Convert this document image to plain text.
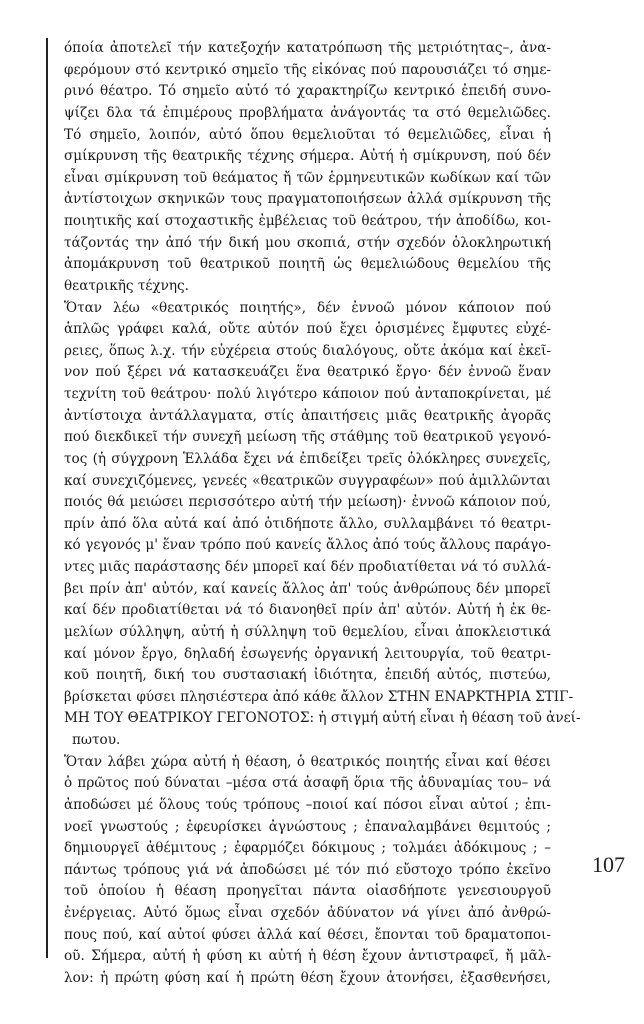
όποία ἀποτελεῖ τήν κατεξοχήν κατατρόπωση τῆς μετριότητας–, ἀνα-
φερόμουν στό κεντρικό σημεῖο τῆς εἰκόνας πού παρουσιάζει τό σημε-
ρινό θέατρο. Τό σημεῖο αὐτό τό χαρακτηρίζω κεντρικό ἐπειδή συνο-
ψίζει δλα τά ἐπιμέρους προβλήματα ἀνάγοντάς τα στό θεμελιῶδες.
Τό σημεῖο, λοιπόν, αὐτό ὅπου θεμελιοῦται τό θεμελιῶδες, εἶναι ἡ
σμίκρυνση τῆς θεατρικῆς τέχνης σήμερα. Αὐτή ἡ σμίκρυνση, πού δέν
εἶναι σμίκρυνση τοῦ θεάματος ἤ τῶν ἑρμηνευτικῶν κωδίκων καί τῶν
ἀντίστοιχων σκηνικῶν τους πραγματοποιήσεων ἀλλά σμίκρυνση τῆς
ποιητικῆς καί στοχαστικῆς ἐμβέλειας τοῦ θεάτρου, τήν ἀποδίδω, κοι-
τάζοντάς την ἀπό τήν δική μου σκοπιά, στήν σχεδόν ὁλοκληρωτική
ἀπομάκρυνση τοῦ θεατρικοῦ ποιητῆ ὡς θεμελιώδους θεμελίου τῆς
θεατρικῆς τέχνης.
Ὅταν λέω «θεατρικός ποιητής», δέν ἐννοῶ μόνον κάποιον πού
ἁπλῶς γράφει καλά, οὔτε αὐτόν πού ἔχει ὁρισμένες ἔμφυτες εὐχέ-
ρειες, ὅπως λ.χ. τήν εὐχέρεια στούς διαλόγους, οὔτε ἀκόμα καί ἐκεῖ-
νον πού ξέρει νά κατασκευάζει ἕνα θεατρικό ἔργο· δέν ἐννοῶ ἕναν
τεχνίτη τοῦ θεάτρου· πολύ λιγότερο κάποιον πού ἀνταποκρίνεται, μέ
ἀντίστοιχα ἀντάλλαγματα, στίς ἀπαιτήσεις μιᾶς θεατρικῆς ἀγορᾶς
πού διεκδικεῖ τήν συνεχῆ μείωση τῆς στάθμης τοῦ θεατρικοῦ γεγονό-
τος (ἡ σύγχρονη Ἑλλάδα ἔχει νά ἐπιδείξει τρεῖς ὁλόκληρες συνεχεῖς,
καί συνεχιζόμενες, γενεές «θεατρικῶν συγγραφέων» πού ἁμιλλῶνται
ποιός θά μειώσει περισσότερο αὐτή τήν μείωση)· ἐννοῶ κάποιον πού,
πρίν ἀπό ὅλα αὐτά καί ἀπό ὁτιδήποτε ἄλλο, συλλαμβάνει τό θεατρι-
κό γεγονός μ' ἕναν τρόπο πού κανείς ἄλλος ἀπό τούς ἄλλους παράγο-
ντες μιᾶς παράστασης δέν μπορεῖ καί δέν προδιατίθεται νά τό συλλά-
βει πρίν ἀπ' αὐτόν, καί κανείς ἄλλος ἀπ' τούς ἀνθρώπους δέν μπορεῖ
καί δέν προδιατίθεται νά τό διανοηθεῖ πρίν ἀπ' αὐτόν. Αὐτή ἡ ἐκ θε-
μελίων σύλληψη, αὐτή ἡ σύλληψη τοῦ θεμελίου, εἶναι ἀποκλειστικά
καί μόνον ἔργο, δηλαδή ἐσωγενής ὀργανική λειτουργία, τοῦ θεατρι-
κοῦ ποιητῆ, δική του συστασιακή ἰδιότητα, ἐπειδή αὐτός, πιστεύω,
βρίσκεται φύσει πλησιέστερα ἀπό κάθε ἄλλον ΣΤΗΝ ΕΝΑΡΚΤΗΡΙΑ ΣΤΙΓ-
ΜΗ ΤΟΥ ΘΕΑΤΡΙΚΟΥ ΓΕΓΟΝΟΤΟΣ: ἡ στιγμή αὐτή εἶναι ἡ θέαση τοῦ ἀνεί-
πωτου.
Ὅταν λάβει χώρα αὐτή ἡ θέαση, ὁ θεατρικός ποιητής εἶναι καί θέσει
ὁ πρῶτος πού δύναται –μέσα στά ἀσαφῆ ὅρια τῆς ἀδυναμίας του– νά
ἀποδώσει μέ ὅλους τούς τρόπους –ποιοί καί πόσοι εἶναι αὐτοί ; ἐπι-
νοεῖ γνωστούς ; ἐφευρίσκει ἀγνώστους ; ἐπαναλαμβάνει θεμιτούς ;
δημιουργεῖ ἀθέμιτους ; ἐφαρμόζει δόκιμους ; τολμάει ἀδόκιμους ; –
πάντως τρόπους γιά νά ἀποδώσει μέ τόν πιό εὔστοχο τρόπο ἐκεῖνο
τοῦ ὁποίου ἡ θέαση προηγεῖται πάντα οἱασδήποτε γενεσιουργοῦ
ἐνέργειας. Αὐτό ὅμως εἶναι σχεδόν ἀδύνατον νά γίνει ἀπό ἀνθρώ-
πους πού, καί αὐτοί φύσει ἀλλά καί θέσει, ἔπονται τοῦ δραματοποι-
οῦ. Σήμερα, αὐτή ἡ φύση κι αὐτή ἡ θέση ἔχουν ἀντιστραφεῖ, ἤ μᾶλ-
λον: ἡ πρώτη φύση καί ἡ πρώτη θέση ἔχουν ἀτονήσει, ἐξασθενήσει,
107
